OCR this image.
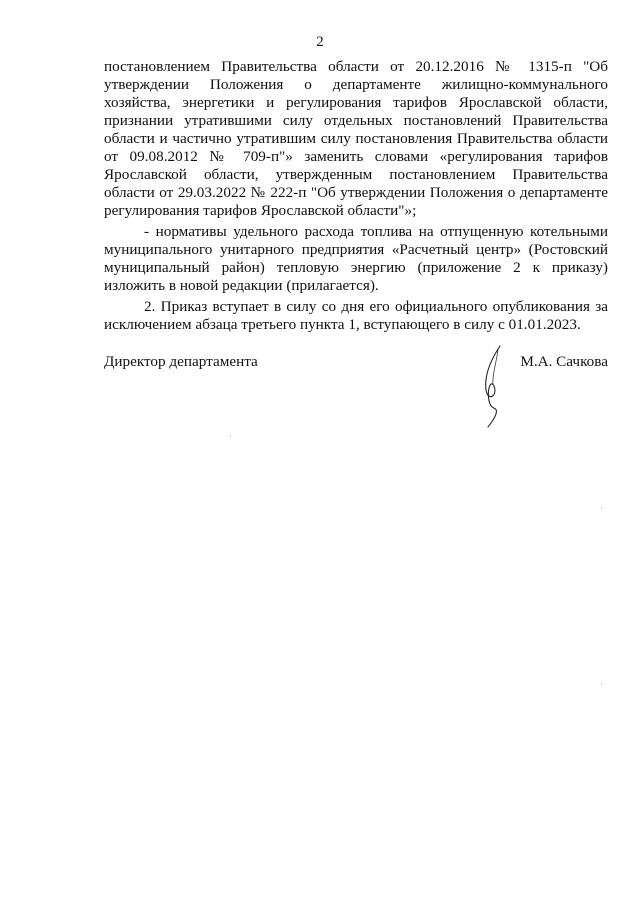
2

постановлением Правительства области от 20.12.2016 № 1315-п "Об утверждении Положения о департаменте жилищно-коммунального хозяйства, энергетики и регулирования тарифов Ярославской области, признании утратившими силу отдельных постановлений Правительства области и частично утратившим силу постановления Правительства области от 09.08.2012 № 709-п"» заменить словами «регулирования тарифов Ярославской области, утвержденным постановлением Правительства области от 29.03.2022 № 222-п "Об утверждении Положения о департаменте регулирования тарифов Ярославской области"»;

- нормативы удельного расхода топлива на отпущенную котельными муниципального унитарного предприятия «Расчетный центр» (Ростовский муниципальный район) тепловую энергию (приложение 2 к приказу) изложить в новой редакции (прилагается).

2. Приказ вступает в силу со дня его официального опубликования за исключением абзаца третьего пункта 1, вступающего в силу с 01.01.2023.

Директор департамента	М.А. Сачкова
